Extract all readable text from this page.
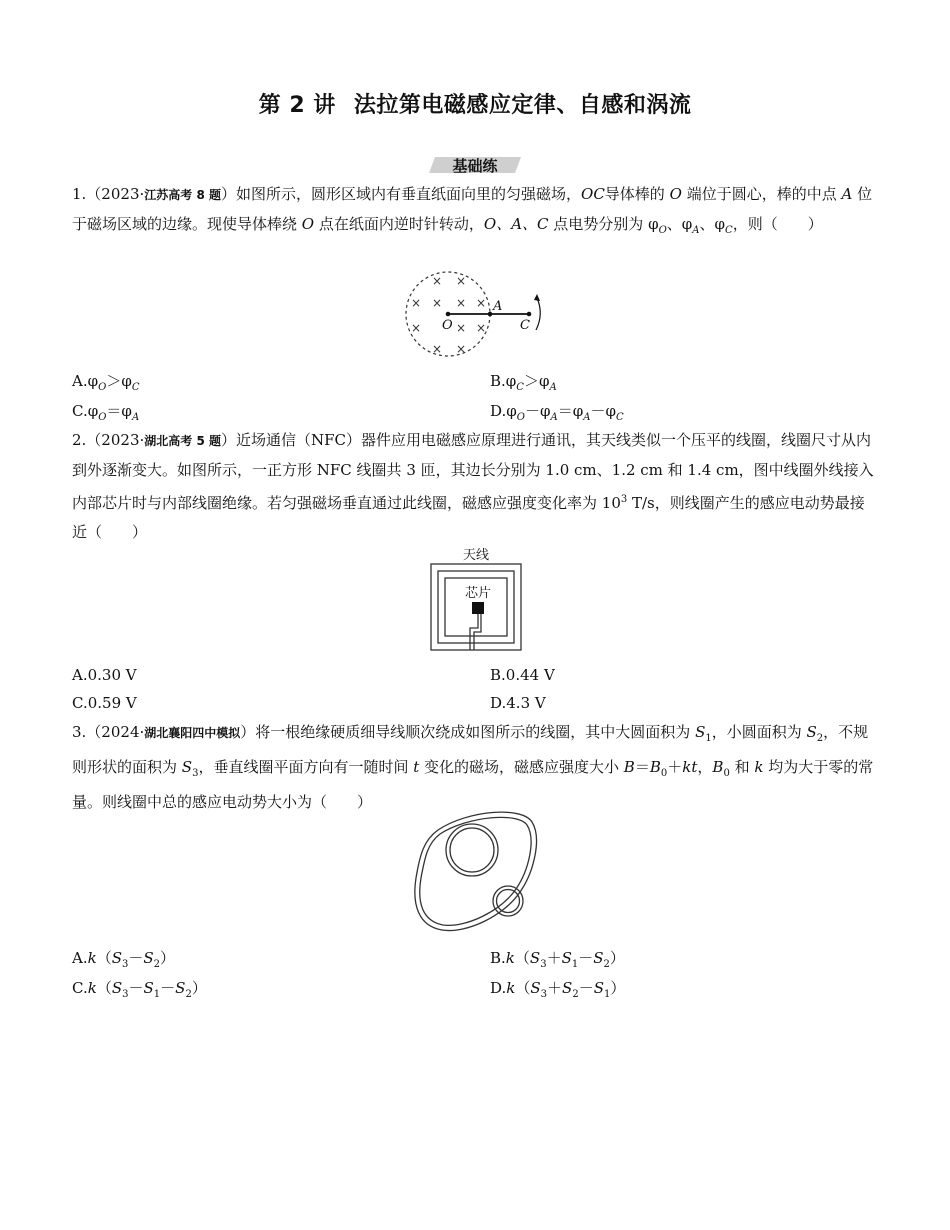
第 2 讲 法拉第电磁感应定律、自感和涡流
基础练
1.（2023·江苏高考 8 题）如图所示，圆形区域内有垂直纸面向里的匀强磁场，OC导体棒的 O 端位于圆心，棒的中点 A 位于磁场区域的边缘。现使导体棒绕 O 点在纸面内逆时针转动，O、A、C 点电势分别为 $\varphi_O$、$\varphi_A$、$\varphi_C$，则（　　）
× ×
× × × ×
×	× ×
× ×
O
A
C
$A.\varphi_O>\varphi_C$	$B.\varphi_C>\varphi_A$
$C.\varphi_O=\varphi_A$	$D.\varphi_O-\varphi_A=\varphi_A-\varphi_C$
2.（2023·湖北高考 5 题）近场通信（NFC）器件应用电磁感应原理进行通讯，其天线类似一个压平的线圈，线圈尺寸从内到外逐渐变大。如图所示，一正方形 NFC 线圈共 3 匝，其边长分别为 1.0 cm、1.2 cm 和 1.4 cm，图中线圈外线接入内部芯片时与内部线圈绝缘。若匀强磁场垂直通过此线圈，磁感应强度变化率为 $10^3$ T/s，则线圈产生的感应电动势最接近（　　）
天线
芯片
A.0.30 V	B.0.44 V
C.0.59 V	D.4.3 V
3.（2024·湖北襄阳四中模拟）将一根绝缘硬质细导线顺次绕成如图所示的线圈，其中大圆面积为 $S_1$，小圆面积为 $S_2$，不规则形状的面积为 $S_3$，垂直线圈平面方向有一随时间 t 变化的磁场，磁感应强度大小 $B=B_0+kt$，$B_0$ 和 k 均为大于零的常量。则线圈中总的感应电动势大小为（　　）
$A.k(S_3-S_2)$	$B.k(S_3+S_1-S_2)$
$C.k(S_3-S_1-S_2)$	$D.k(S_3+S_2-S_1)$
